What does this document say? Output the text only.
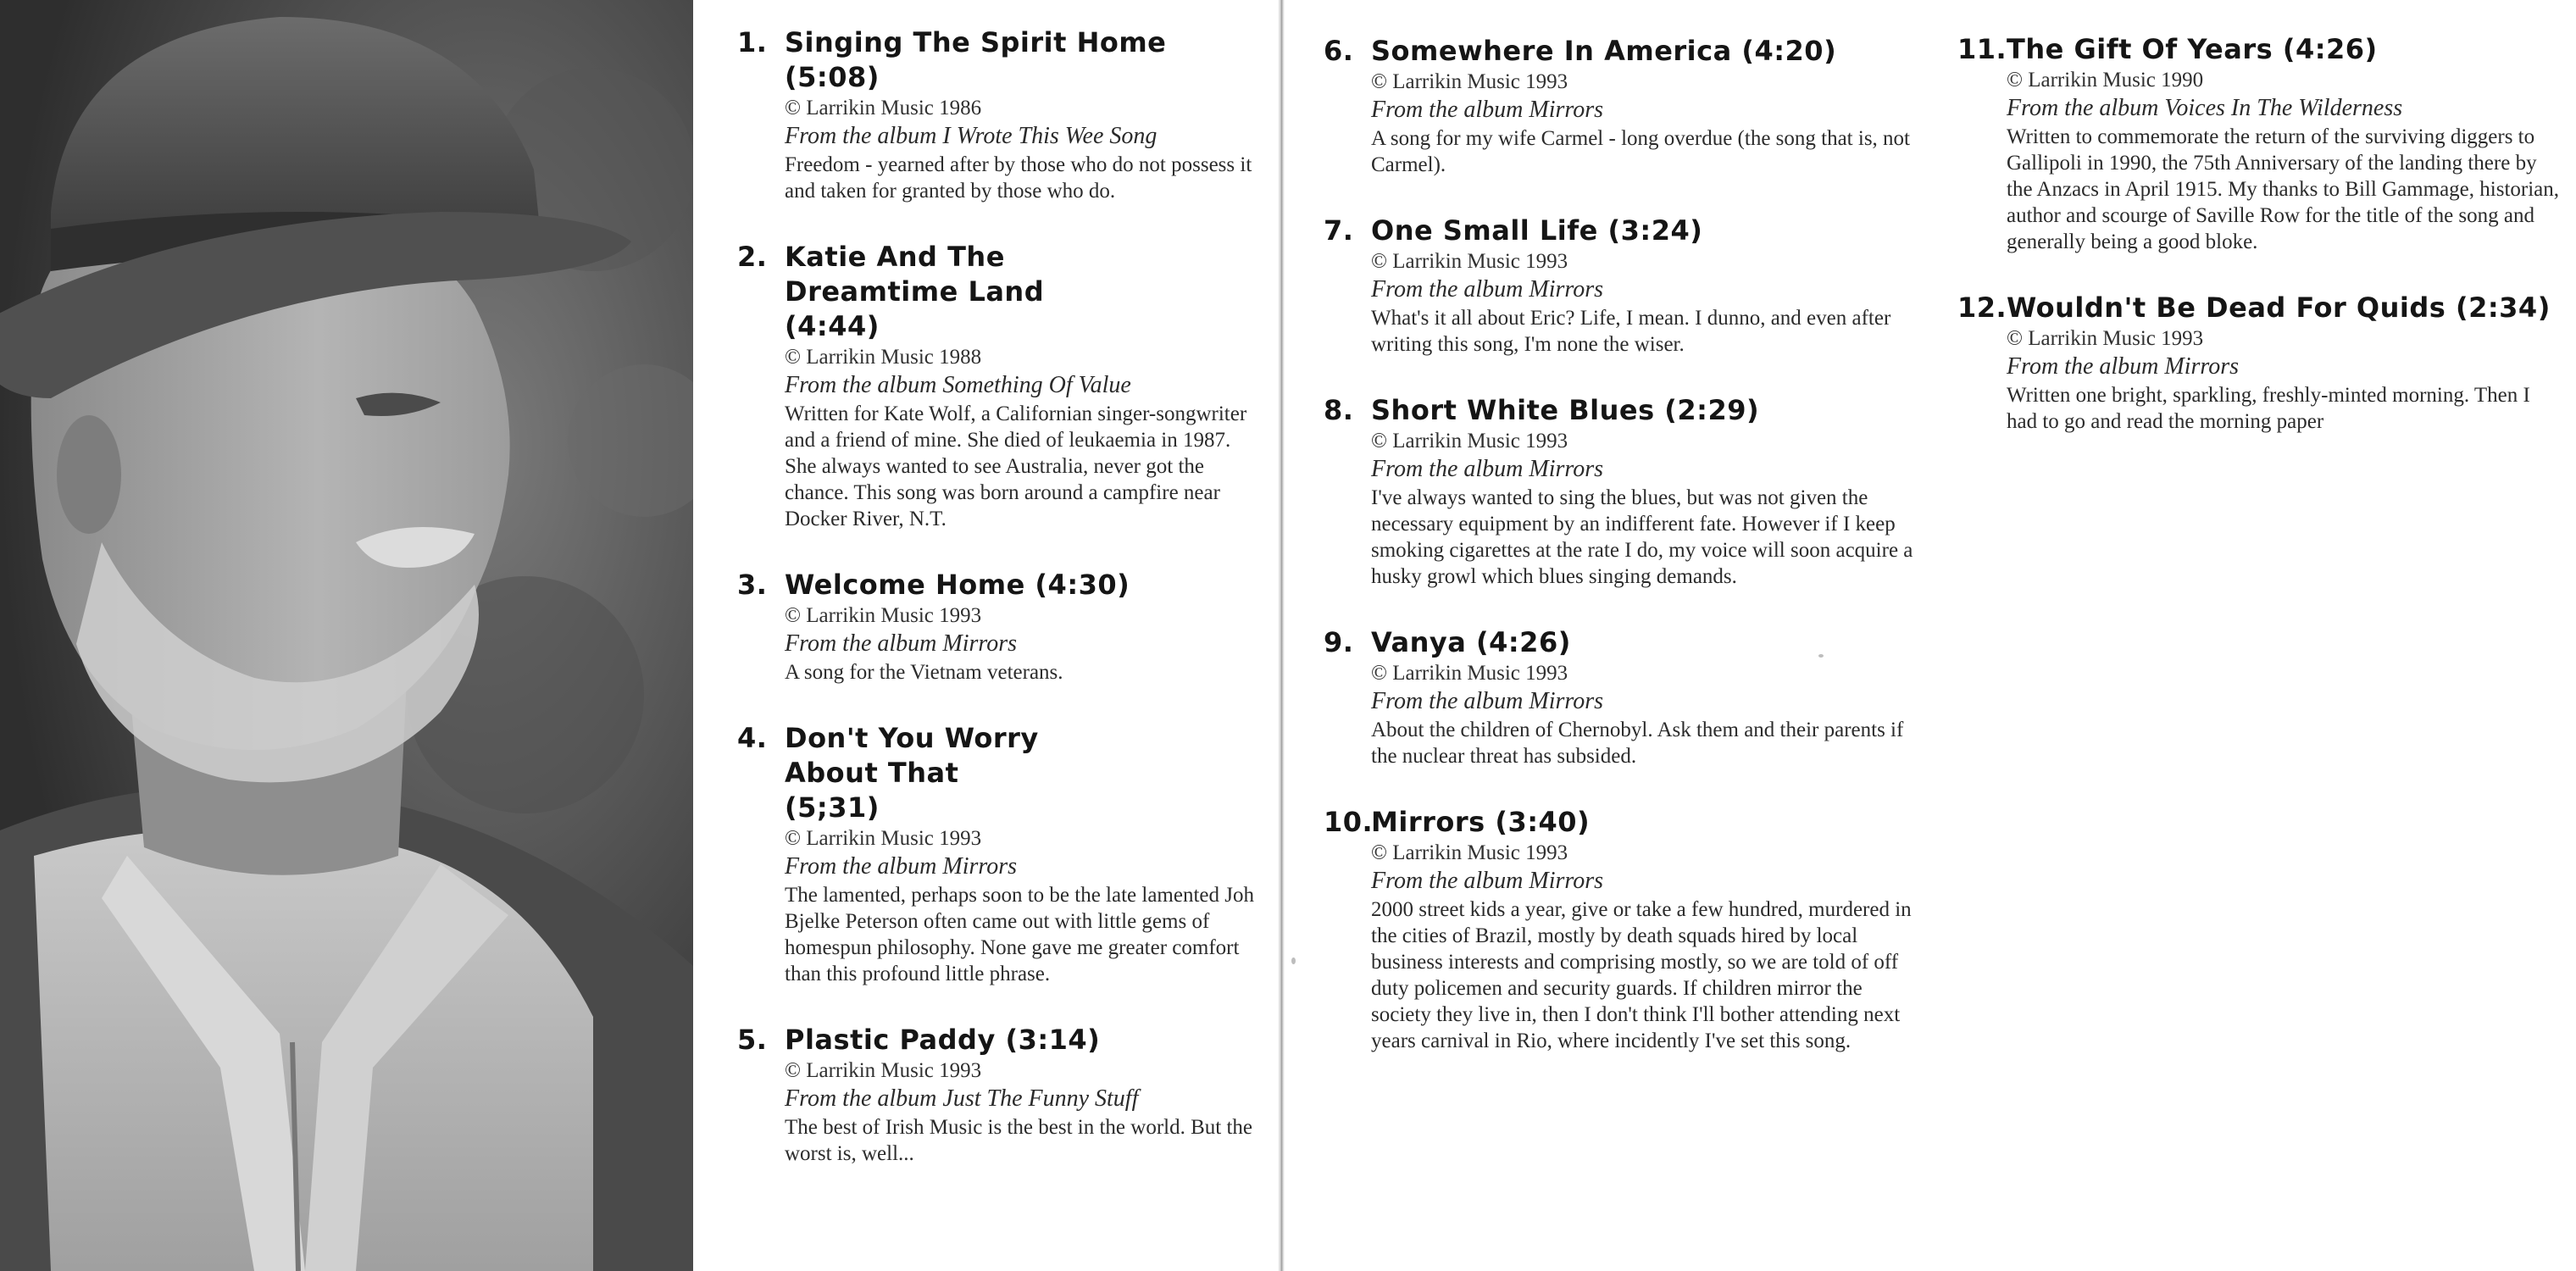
1. Singing The Spirit Home (5:08)
© Larrikin Music 1986
From the album I Wrote This Wee Song
Freedom - yearned after by those who do not possess it and taken for granted by those who do.
2. Katie And The Dreamtime Land (4:44)
© Larrikin Music 1988
From the album Something Of Value
Written for Kate Wolf, a Californian singer-songwriter and a friend of mine. She died of leukaemia in 1987. She always wanted to see Australia, never got the chance. This song was born around a campfire near Docker River, N.T.
3. Welcome Home (4:30)
© Larrikin Music 1993
From the album Mirrors
A song for the Vietnam veterans.
4. Don't You Worry About That (5;31)
© Larrikin Music 1993
From the album Mirrors
The lamented, perhaps soon to be the late lamented Joh Bjelke Peterson often came out with little gems of homespun philosophy. None gave me greater comfort than this profound little phrase.
5. Plastic Paddy (3:14)
© Larrikin Music 1993
From the album Just The Funny Stuff
The best of Irish Music is the best in the world. But the worst is, well...
6. Somewhere In America (4:20)
© Larrikin Music 1993
From the album Mirrors
A song for my wife Carmel - long overdue (the song that is, not Carmel).
7. One Small Life (3:24)
© Larrikin Music 1993
From the album Mirrors
What's it all about Eric? Life, I mean. I dunno, and even after writing this song, I'm none the wiser.
8. Short White Blues (2:29)
© Larrikin Music 1993
From the album Mirrors
I've always wanted to sing the blues, but was not given the necessary equipment by an indifferent fate. However if I keep smoking cigarettes at the rate I do, my voice will soon acquire a husky growl which blues singing demands.
9. Vanya (4:26)
© Larrikin Music 1993
From the album Mirrors
About the children of Chernobyl. Ask them and their parents if the nuclear threat has subsided.
10.
Mirrors (3:40)
© Larrikin Music 1993
From the album Mirrors
2000 street kids a year, give or take a few hundred, murdered in the cities of Brazil, mostly by death squads hired by local business interests and comprising mostly, so we are told of off duty policemen and security guards. If children mirror the society they live in, then I don't think I'll bother attending next years carnival in Rio, where incidently I've set this song.
11. The Gift Of Years (4:26)
© Larrikin Music 1990
From the album Voices In The Wilderness
Written to commemorate the return of the surviving diggers to Gallipoli in 1990, the 75th Anniversary of the landing there by the Anzacs in April 1915. My thanks to Bill Gammage, historian, author and scourge of Saville Row for the title of the song and generally being a good bloke.
12. Wouldn't Be Dead For Quids (2:34)
© Larrikin Music 1993
From the album Mirrors
Written one bright, sparkling, freshly-minted morning. Then I had to go and read the morning paper
